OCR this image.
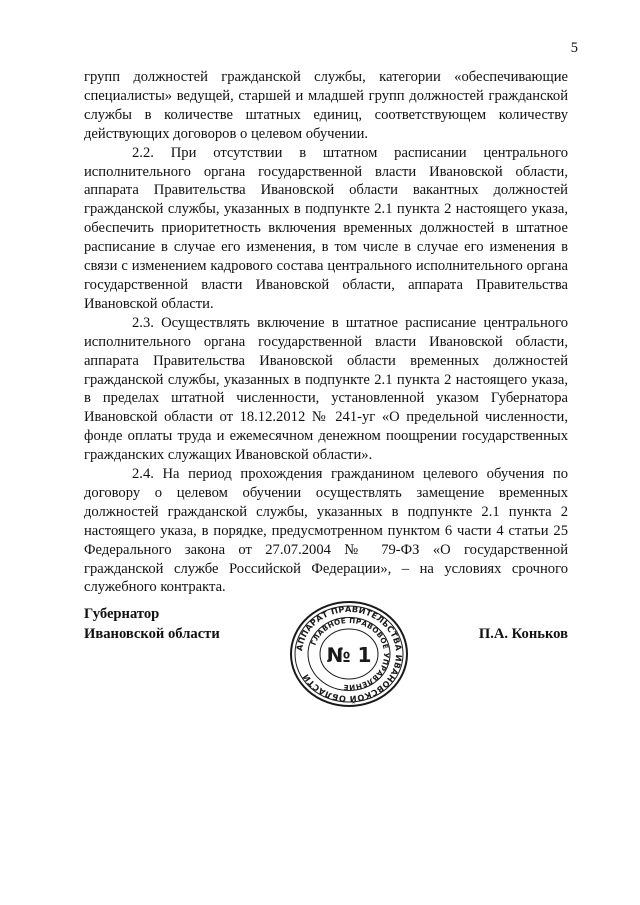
5

групп должностей гражданской службы, категории «обеспечивающие специалисты» ведущей, старшей и младшей групп должностей гражданской службы в количестве штатных единиц, соответствующем количеству действующих договоров о целевом обучении.

2.2. При отсутствии в штатном расписании центрального исполнительного органа государственной власти Ивановской области, аппарата Правительства Ивановской области вакантных должностей гражданской службы, указанных в подпункте 2.1 пункта 2 настоящего указа, обеспечить приоритетность включения временных должностей в штатное расписание в случае его изменения, в том числе в случае его изменения в связи с изменением кадрового состава центрального исполнительного органа государственной власти Ивановской области, аппарата Правительства Ивановской области.

2.3. Осуществлять включение в штатное расписание центрального исполнительного органа государственной власти Ивановской области, аппарата Правительства Ивановской области временных должностей гражданской службы, указанных в подпункте 2.1 пункта 2 настоящего указа, в пределах штатной численности, установленной указом Губернатора Ивановской области от 18.12.2012 № 241-уг «О предельной численности, фонде оплаты труда и ежемесячном денежном поощрении государственных гражданских служащих Ивановской области».

2.4. На период прохождения гражданином целевого обучения по договору о целевом обучении осуществлять замещение временных должностей гражданской службы, указанных в подпункте 2.1 пункта 2 настоящего указа, в порядке, предусмотренном пунктом 6 части 4 статьи 25 Федерального закона от 27.07.2004 № 79-ФЗ «О государственной гражданской службе Российской Федерации», – на условиях срочного служебного контракта.

Губернатор
Ивановской области
АППАРАТ ПРАВИТЕЛЬСТВА ИВАНОВСКОЙ ОБЛАСТИ
ГЛАВНОЕ ПРАВОВОЕ УПРАВЛЕНИЕ
№ 1
П.А. Коньков
